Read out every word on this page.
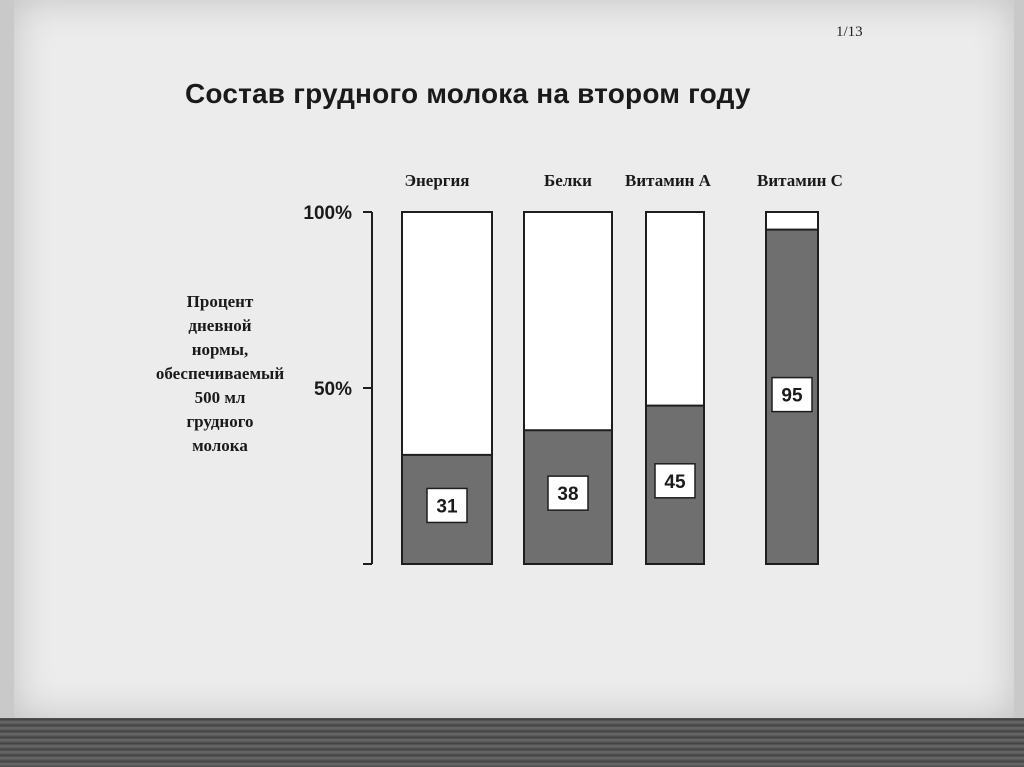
1/13
Состав грудного молока на втором году
Процент
дневной
нормы,
обеспечиваемый
500 мл
грудного
молока
100%
50%
31
Энергия
38
Белки
45
Витамин А
95
Витамин С
